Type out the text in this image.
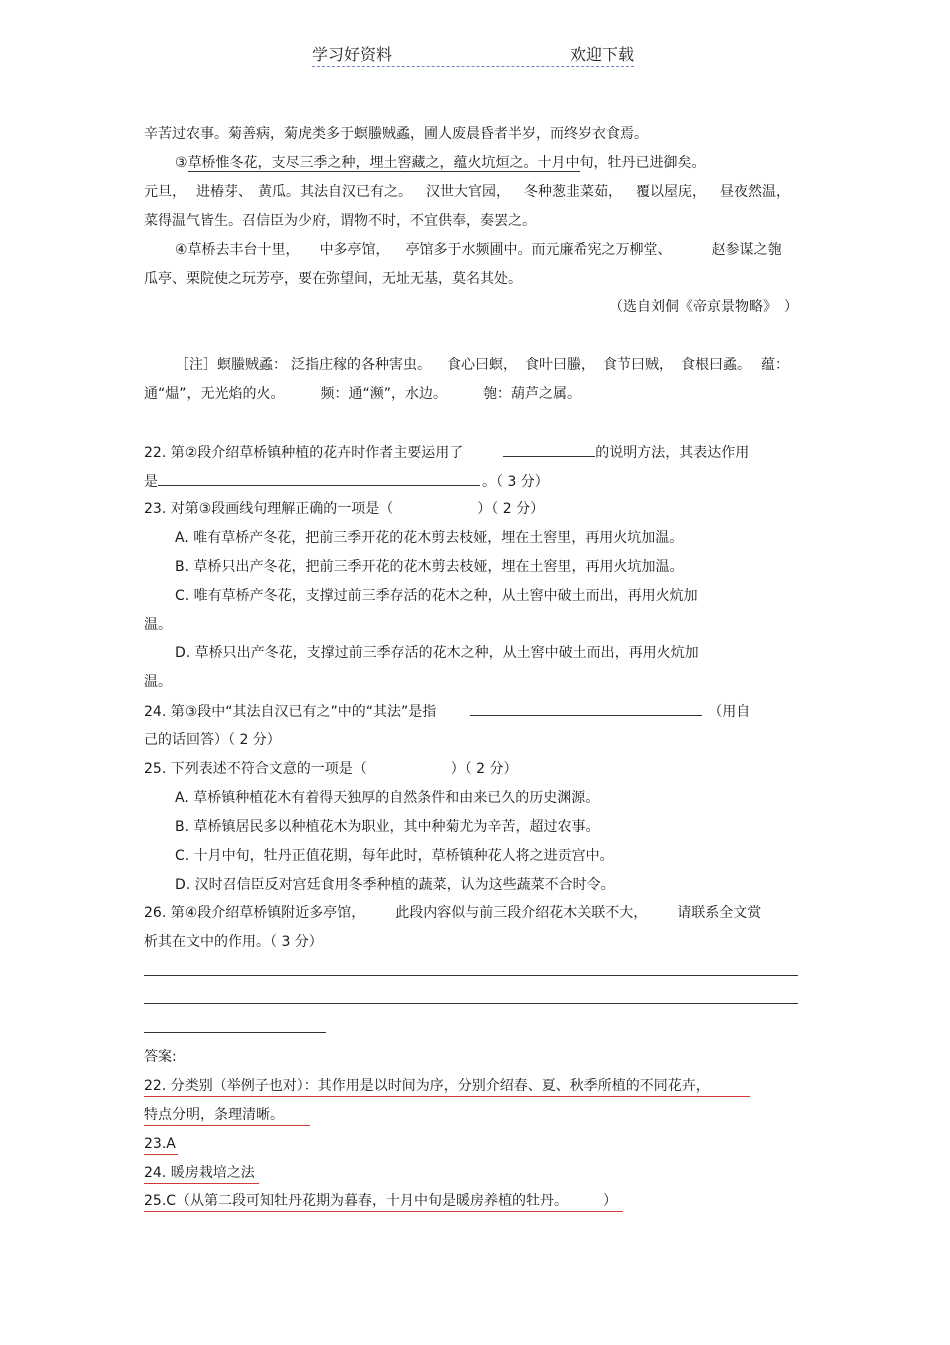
学习好资料	欢迎下载
辛苦过农事。菊善病，菊虎类多于螟螣贼蟊，圃人废晨昏者半岁，而终岁衣食焉。
③草桥惟冬花，支尽三季之种，埋土窖藏之，蕴火坑烜之。十月中旬，牡丹已进御矣。
元旦， 进椿芽、 黄瓜。其法自汉已有之。 汉世大官园， 冬种葱韭菜茹， 覆以屋庑， 昼夜然温，
菜得温气皆生。召信臣为少府，谓物不时，不宜供奉，奏罢之。
④草桥去丰台十里， 中多亭馆， 亭馆多于水频圃中。而元廉希宪之万柳堂、	赵参谋之匏
瓜亭、栗院使之玩芳亭，要在弥望间，无址无基，莫名其处。
（选自刘侗《帝京景物略》　）
［注］螟螣贼蟊： 泛指庄稼的各种害虫。 食心曰螟， 食叶曰螣， 食节曰贼， 食根曰蟊。 蕴：
通“煴”，无光焰的火。	频：通“濒”，水边。	匏：葫芦之属。
22. 第②段介绍草桥镇种植的花卉时作者主要运用了	的说明方法，其表达作用
是	。（ 3 分）
23. 对第③段画线句理解正确的一项是（	）（ 2 分）
A. 唯有草桥产冬花，把前三季开花的花木剪去枝娅，埋在土窖里，再用火坑加温。
B. 草桥只出产冬花，把前三季开花的花木剪去枝娅，埋在土窖里，再用火坑加温。
C. 唯有草桥产冬花，支撑过前三季存活的花木之种，从土窖中破土而出，再用火炕加
温。
D. 草桥只出产冬花，支撑过前三季存活的花木之种，从土窖中破土而出，再用火炕加
温。
24. 第③段中“其法自汉已有之”中的“其法”是指	（用自
己的话回答）（ 2 分）
25. 下列表述不符合文意的一项是（	）（ 2 分）
A. 草桥镇种植花木有着得天独厚的自然条件和由来已久的历史渊源。
B. 草桥镇居民多以种植花木为职业，其中种菊尤为辛苦，超过农事。
C. 十月中旬，牡丹正值花期，每年此时，草桥镇种花人将之进贡宫中。
D. 汉时召信臣反对宫廷食用冬季种植的蔬菜，认为这些蔬菜不合时令。
26. 第④段介绍草桥镇附近多亭馆， 此段内容似与前三段介绍花木关联不大， 请联系全文赏
析其在文中的作用。（ 3 分）
答案:
22. 分类别（举例子也对）：其作用是以时间为序，分别介绍春、夏、秋季所植的不同花卉，
特点分明，条理清晰。
23.A
24. 暖房栽培之法
25.C（从第二段可知牡丹花期为暮春，十月中旬是暖房养植的牡丹。　　　）
